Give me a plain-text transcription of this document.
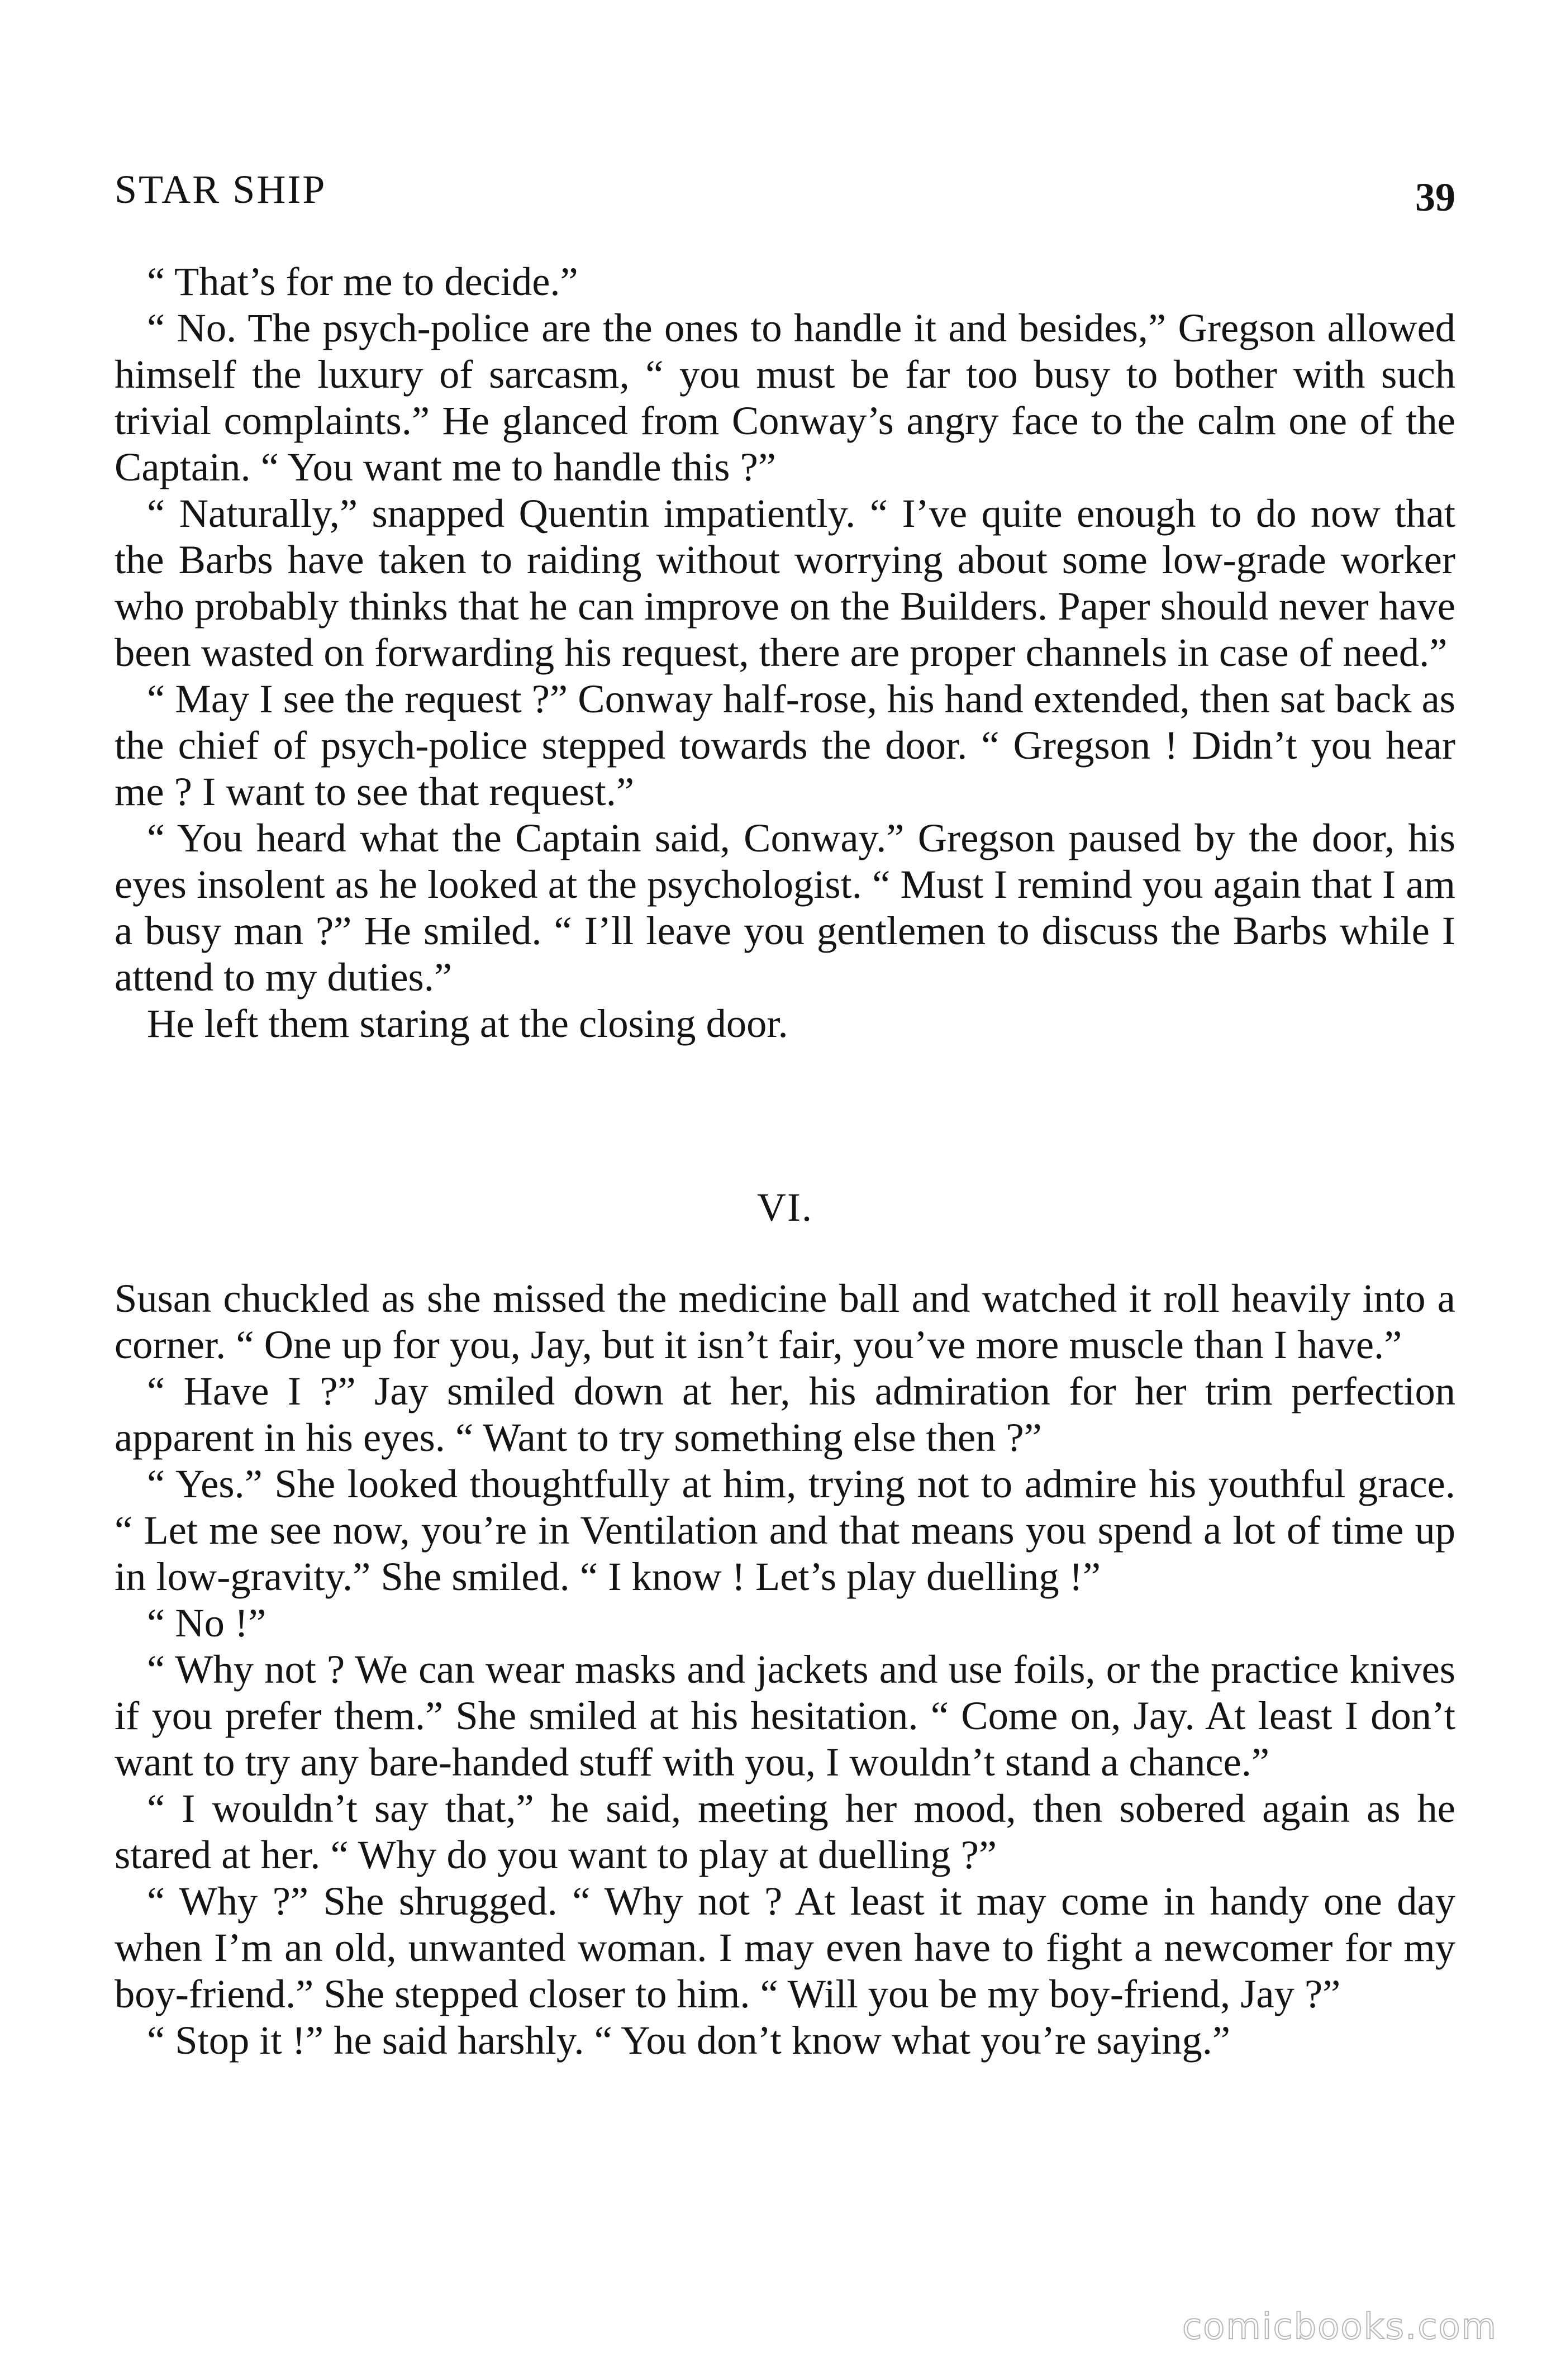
STAR SHIP	39

“ That’s for me to decide.”

“ No. The psych-police are the ones to handle it and besides,” Gregson allowed himself the luxury of sarcasm, “ you must be far too busy to bother with such trivial complaints.” He glanced from Conway’s angry face to the calm one of the Captain. “ You want me to handle this ?”

“ Naturally,” snapped Quentin impatiently. “ I’ve quite enough to do now that the Barbs have taken to raiding without worrying about some low-grade worker who probably thinks that he can improve on the Builders. Paper should never have been wasted on forwarding his request, there are proper channels in case of need.”

“ May I see the request ?” Conway half-rose, his hand extended, then sat back as the chief of psych-police stepped towards the door. “ Gregson ! Didn’t you hear me ? I want to see that request.”

“ You heard what the Captain said, Conway.” Gregson paused by the door, his eyes insolent as he looked at the psychologist. “ Must I remind you again that I am a busy man ?” He smiled. “ I’ll leave you gentlemen to discuss the Barbs while I attend to my duties.”

He left them staring at the closing door.

VI.

Susan chuckled as she missed the medicine ball and watched it roll heavily into a corner. “ One up for you, Jay, but it isn’t fair, you’ve more muscle than I have.”

“ Have I ?” Jay smiled down at her, his admiration for her trim perfection apparent in his eyes. “ Want to try something else then ?”

“ Yes.” She looked thoughtfully at him, trying not to admire his youthful grace. “ Let me see now, you’re in Ventilation and that means you spend a lot of time up in low-gravity.” She smiled. “ I know ! Let’s play duelling !”

“ No !”

“ Why not ? We can wear masks and jackets and use foils, or the practice knives if you prefer them.” She smiled at his hesitation. “ Come on, Jay. At least I don’t want to try any bare-handed stuff with you, I wouldn’t stand a chance.”

“ I wouldn’t say that,” he said, meeting her mood, then sobered again as he stared at her. “ Why do you want to play at duelling ?”

“ Why ?” She shrugged. “ Why not ? At least it may come in handy one day when I’m an old, unwanted woman. I may even have to fight a newcomer for my boy-friend.” She stepped closer to him. “ Will you be my boy-friend, Jay ?”

“ Stop it !” he said harshly. “ You don’t know what you’re saying.”

comicbooks.com
